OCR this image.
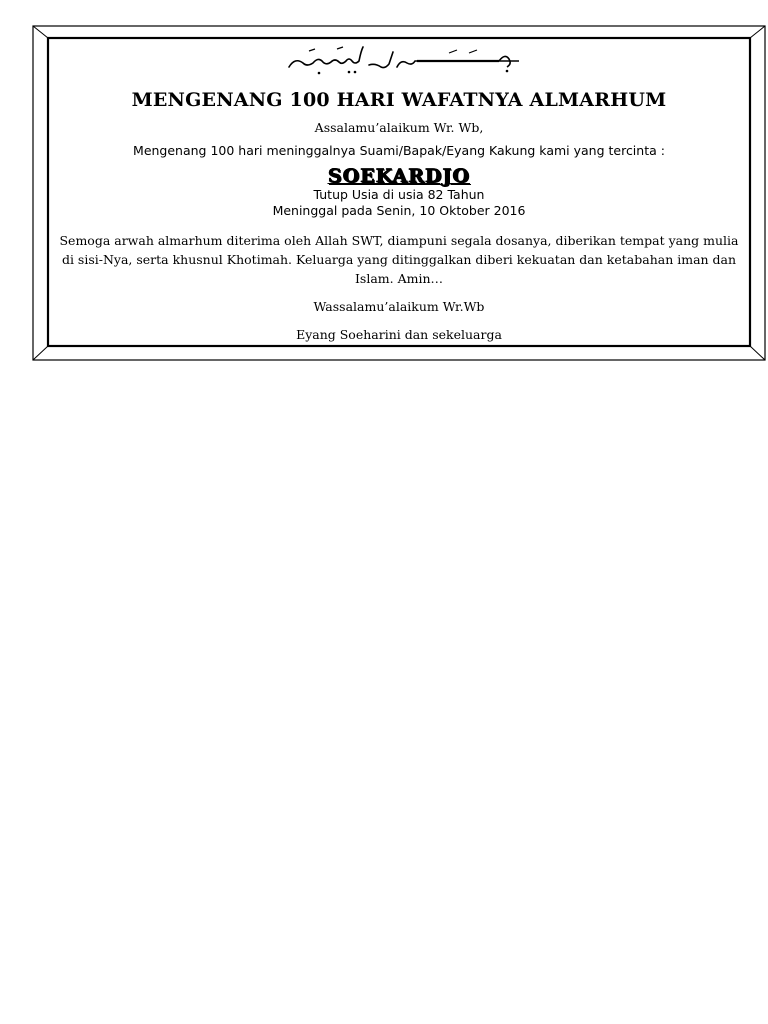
MENGENANG 100 HARI WAFATNYA ALMARHUM
Assalamu’alaikum Wr. Wb,
Mengenang 100 hari meninggalnya Suami/Bapak/Eyang Kakung kami yang tercinta :
SOEKARDJO
Tutup Usia di usia 82 Tahun
Meninggal pada Senin, 10 Oktober 2016
Semoga arwah almarhum diterima oleh Allah SWT, diampuni segala dosanya, diberikan tempat yang mulia di sisi-Nya, serta khusnul Khotimah. Keluarga yang ditinggalkan diberi kekuatan dan ketabahan iman dan Islam. Amin…
Wassalamu’alaikum Wr.Wb
Eyang Soeharini dan sekeluarga
